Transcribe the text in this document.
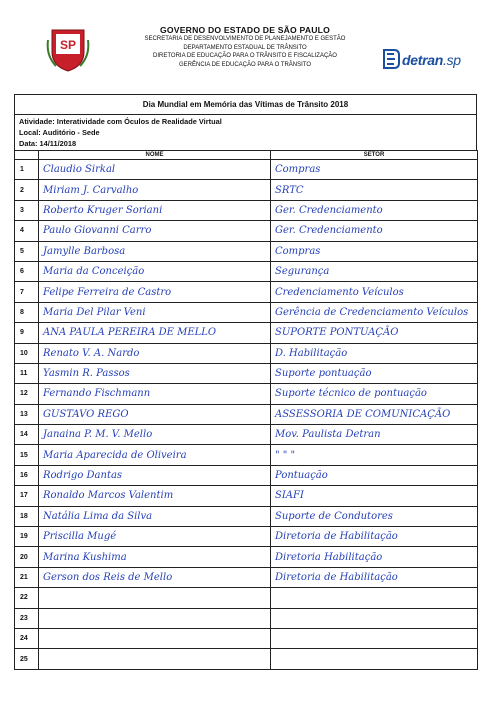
SP
GOVERNO DO ESTADO DE SÃO PAULO
SECRETARIA DE DESENVOLVIMENTO DE PLANEJAMENTO E GESTÃO
DEPARTAMENTO ESTADUAL DE TRÂNSITO
DIRETORIA DE EDUCAÇÃO PARA O TRÂNSITO E FISCALIZAÇÃO
GERÊNCIA DE EDUCAÇÃO PARA O TRÂNSITO	detran.sp
Dia Mundial em Memória das Vítimas de Trânsito 2018
Atividade: Interatividade com Óculos de Realidade Virtual
Local: Auditório - Sede
Data: 14/11/2018
	NOME	SETOR
1	Claudio Sirkal	Compras
2	Miriam J. Carvalho	SRTC
3	Roberto Kruger Soriani	Ger. Credenciamento
4	Paulo Giovanni Carro	Ger. Credenciamento
5	Jamylle Barbosa	Compras
6	Maria da Conceição	Segurança
7	Felipe Ferreira de Castro	Credenciamento Veículos
8	Maria Del Pilar Veni	Gerência de Credenciamento Veículos
9	ANA PAULA PEREIRA DE MELLO	SUPORTE PONTUAÇÃO
10	Renato V. A. Nardo	D. Habilitação
11	Yasmin R. Passos	Suporte pontuação
12	Fernando Fischmann	Suporte técnico de pontuação
13	GUSTAVO REGO	ASSESSORIA DE COMUNICAÇÃO
14	Janaina P. M. V. Mello	Mov. Paulista Detran
15	Maria Aparecida de Oliveira	" " "
16	Rodrigo Dantas	Pontuação
17	Ronaldo Marcos Valentim	SIAFI
18	Natália Lima da Silva	Suporte de Condutores
19	Priscilla Mugé	Diretoria de Habilitação
20	Marina Kushima	Diretoria Habilitação
21	Gerson dos Reis de Mello	Diretoria de Habilitação
22		
23		
24		
25		
